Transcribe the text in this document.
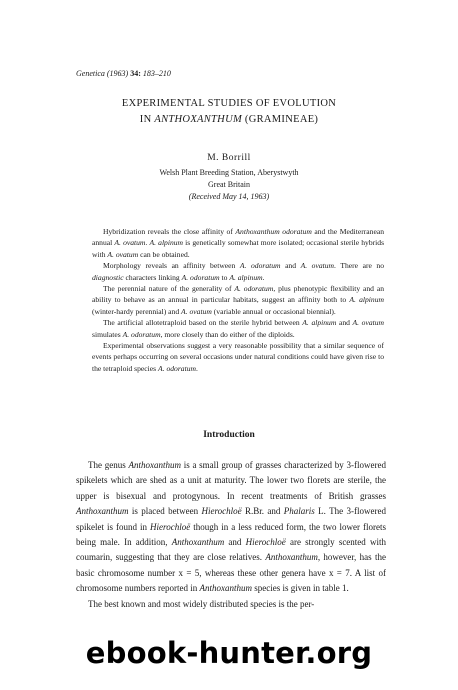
Genetica (1963) 34: 183–210
EXPERIMENTAL STUDIES OF EVOLUTION
IN ANTHOXANTHUM (GRAMINEAE)
M. Borrill
Welsh Plant Breeding Station, Aberystwyth
Great Britain
(Received May 14, 1963)

Hybridization reveals the close affinity of Anthoxanthum odoratum and the Mediterranean annual A. ovatum. A. alpinum is genetically somewhat more isolated; occasional sterile hybrids with A. ovatum can be obtained.

Morphology reveals an affinity between A. odoratum and A. ovatum. There are no diagnostic characters linking A. odoratum to A. alpinum.

The perennial nature of the generality of A. odoratum, plus phenotypic flexibility and an ability to behave as an annual in particular habitats, suggest an affinity both to A. alpinum (winter-hardy perennial) and A. ovatum (variable annual or occasional biennial).

The artificial allotetraploid based on the sterile hybrid between A. alpinum and A. ovatum simulates A. odoratum, more closely than do either of the diploids.

Experimental observations suggest a very reasonable possibility that a similar sequence of events perhaps occurring on several occasions under natural conditions could have given rise to the tetraploid species A. odoratum.

Introduction

The genus Anthoxanthum is a small group of grasses characterized by 3-flowered spikelets which are shed as a unit at maturity. The lower two florets are sterile, the upper is bisexual and protogynous. In recent treatments of British grasses Anthoxanthum is placed between Hierochloë R.Br. and Phalaris L. The 3-flowered spikelet is found in Hierochloë though in a less reduced form, the two lower florets being male. In addition, Anthoxanthum and Hierochloë are strongly scented with coumarin, suggesting that they are close relatives. Anthoxanthum, however, has the basic chromosome number x = 5, whereas these other genera have x = 7. A list of chromosome numbers reported in Anthoxanthum species is given in table 1.

The best known and most widely distributed species is the per-

ebook-hunter.org
